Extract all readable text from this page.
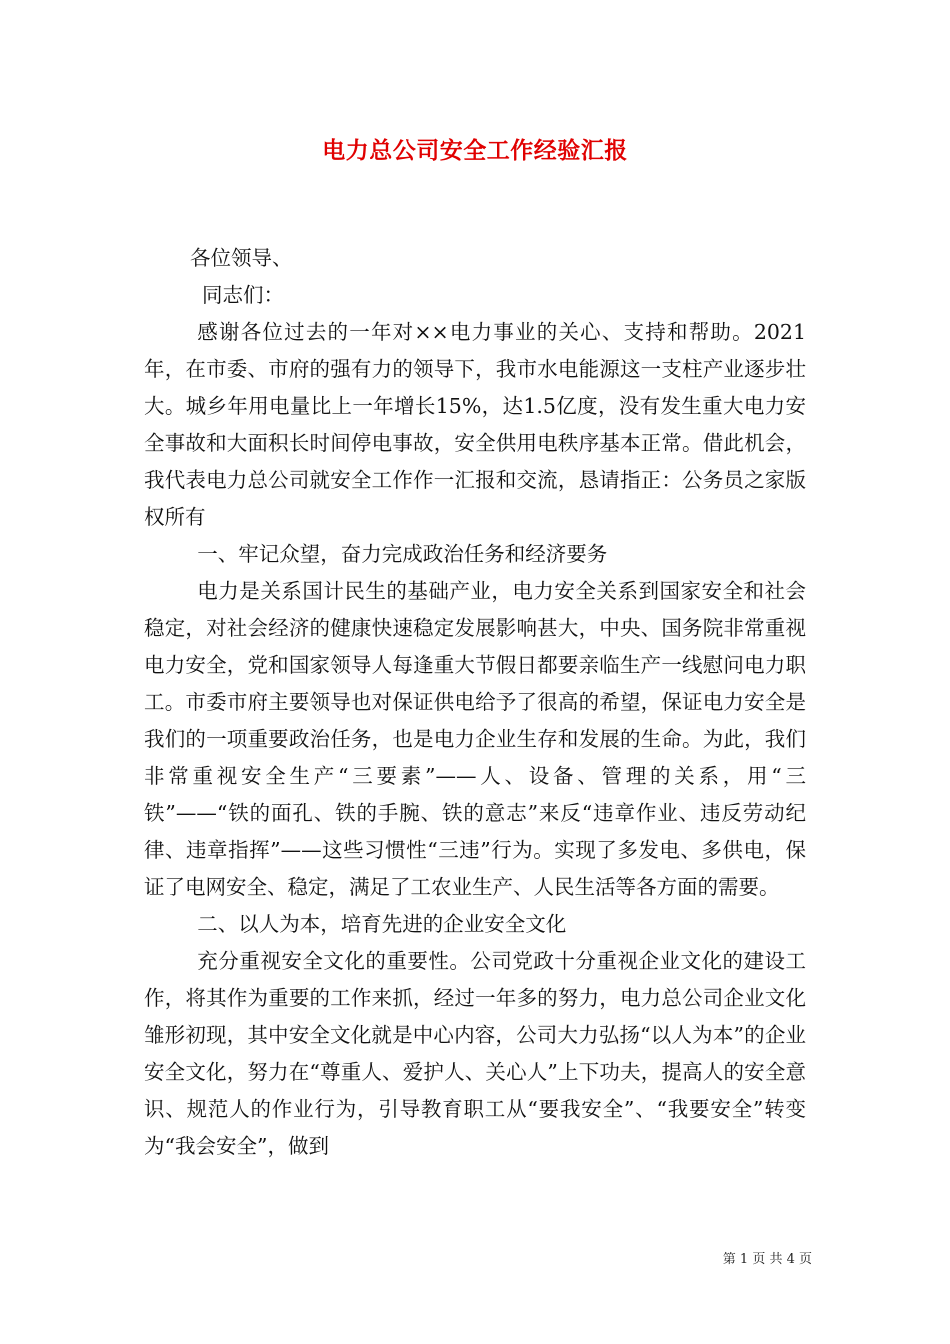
电力总公司安全工作经验汇报

各位领导、

同志们：

感谢各位过去的一年对××电力事业的关心、支持和帮助。2021年，在市委、市府的强有力的领导下，我市水电能源这一支柱产业逐步壮大。城乡年用电量比上一年增长15%，达1.5亿度，没有发生重大电力安全事故和大面积长时间停电事故，安全供用电秩序基本正常。借此机会，我代表电力总公司就安全工作作一汇报和交流，恳请指正：公务员之家版权所有

一、牢记众望，奋力完成政治任务和经济要务

电力是关系国计民生的基础产业，电力安全关系到国家安全和社会稳定，对社会经济的健康快速稳定发展影响甚大，中央、国务院非常重视电力安全，党和国家领导人每逢重大节假日都要亲临生产一线慰问电力职工。市委市府主要领导也对保证供电给予了很高的希望，保证电力安全是我们的一项重要政治任务，也是电力企业生存和发展的生命。为此，我们非常重视安全生产“三要素”——人、设备、管理的关系，用“三铁”——“铁的面孔、铁的手腕、铁的意志”来反“违章作业、违反劳动纪律、违章指挥”——这些习惯性“三违”行为。实现了多发电、多供电，保证了电网安全、稳定，满足了工农业生产、人民生活等各方面的需要。

二、以人为本，培育先进的企业安全文化

充分重视安全文化的重要性。公司党政十分重视企业文化的建设工作，将其作为重要的工作来抓，经过一年多的努力，电力总公司企业文化雏形初现，其中安全文化就是中心内容，公司大力弘扬“以人为本”的企业安全文化，努力在“尊重人、爱护人、关心人”上下功夫，提高人的安全意识、规范人的作业行为，引导教育职工从“要我安全”、“我要安全”转变为“我会安全”，做到

第 1 页 共 4 页
